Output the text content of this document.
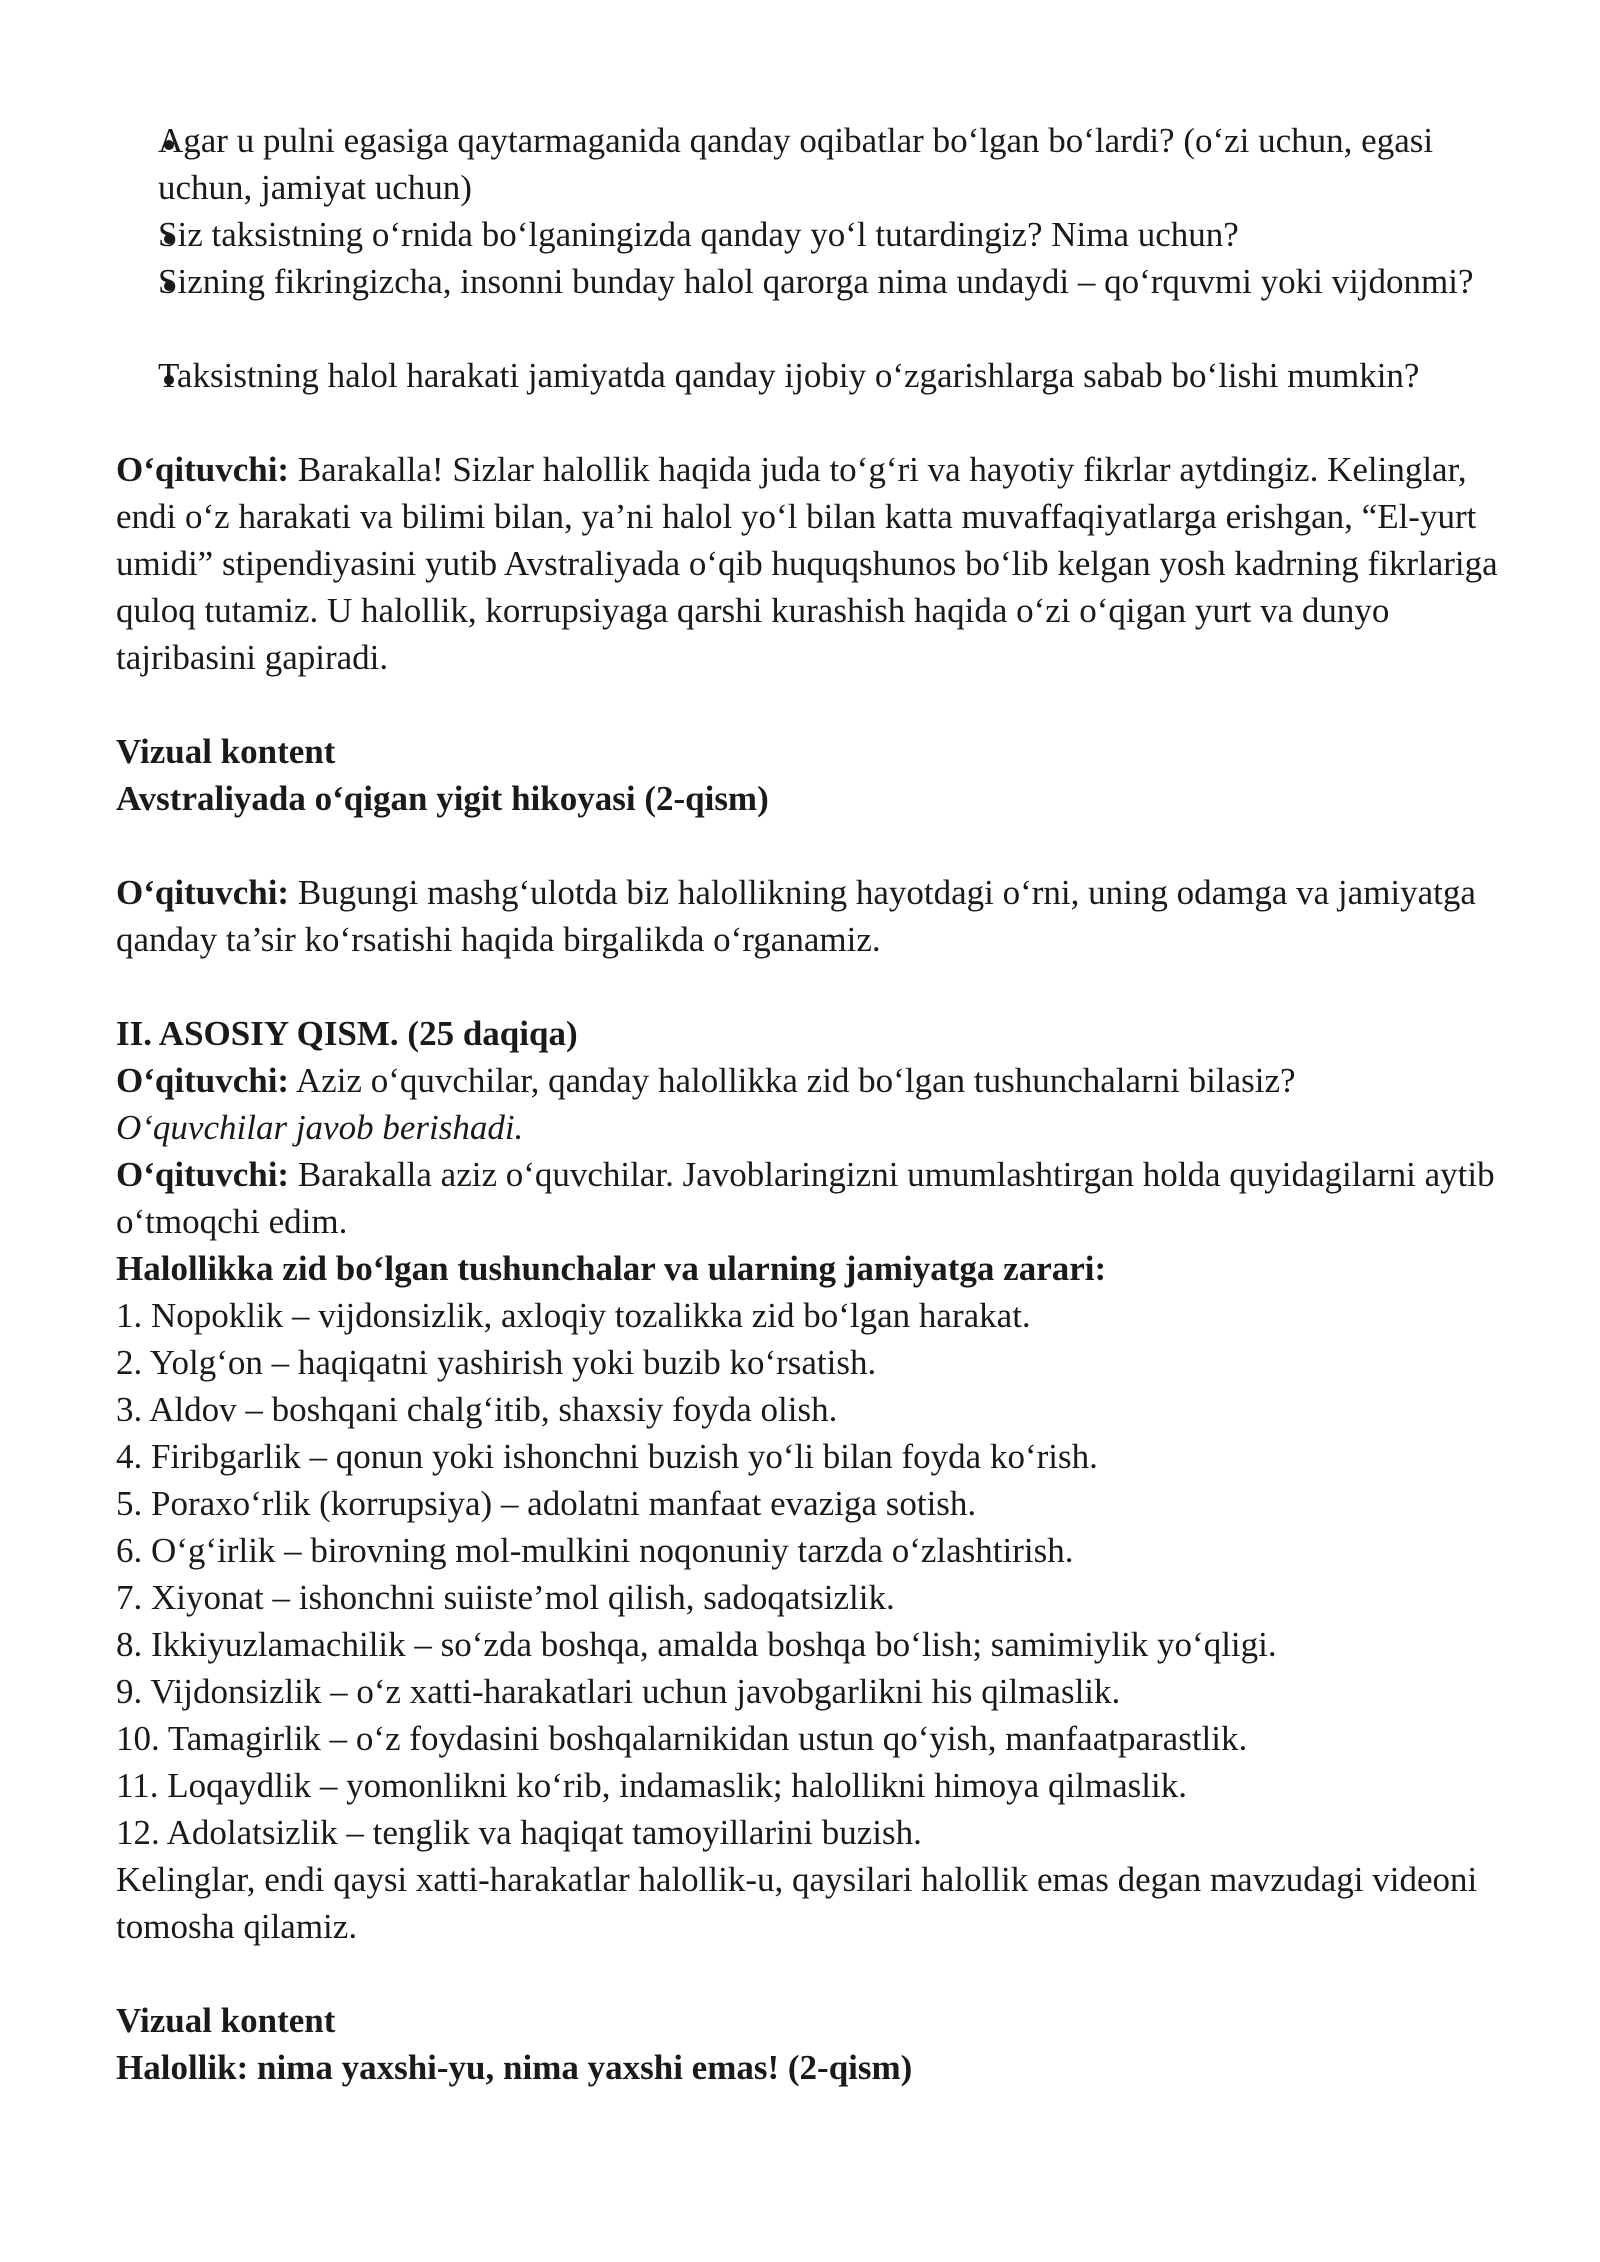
Agar u pulni egasiga qaytarmaganida qanday oqibatlar bo‘lgan bo‘lardi? (o‘zi uchun, egasi uchun, jamiyat uchun)
Siz taksistning o‘rnida bo‘lganingizda qanday yo‘l tutardingiz? Nima uchun?
Sizning fikringizcha, insonni bunday halol qarorga nima undaydi – qo‘rquvmi yoki vijdonmi?
Taksistning halol harakati jamiyatda qanday ijobiy o‘zgarishlarga sabab bo‘lishi mumkin?

O‘qituvchi: Barakalla! Sizlar halollik haqida juda to‘g‘ri va hayotiy fikrlar aytdingiz. Kelinglar, endi o‘z harakati va bilimi bilan, ya’ni halol yo‘l bilan katta muvaffaqiyatlarga erishgan, “El-yurt umidi” stipendiyasini yutib Avstraliyada o‘qib huquqshunos bo‘lib kelgan yosh kadrning fikrlariga quloq tutamiz. U halollik, korrupsiyaga qarshi kurashish haqida o‘zi o‘qigan yurt va dunyo tajribasini gapiradi.

Vizual kontent
Avstraliyada o‘qigan yigit hikoyasi (2-qism)

O‘qituvchi: Bugungi mashg‘ulotda biz halollikning hayotdagi o‘rni, uning odamga va jamiyatga qanday ta’sir ko‘rsatishi haqida birgalikda o‘rganamiz.

II. ASOSIY QISM. (25 daqiqa)

O‘qituvchi: Aziz o‘quvchilar, qanday halollikka zid bo‘lgan tushunchalarni bilasiz?

O‘quvchilar javob berishadi.

O‘qituvchi: Barakalla aziz o‘quvchilar. Javoblaringizni umumlashtirgan holda quyidagilarni aytib o‘tmoqchi edim.

Halollikka zid bo‘lgan tushunchalar va ularning jamiyatga zarari:
1. Nopoklik – vijdonsizlik, axloqiy tozalikka zid bo‘lgan harakat.
2. Yolg‘on – haqiqatni yashirish yoki buzib ko‘rsatish.
3. Aldov – boshqani chalg‘itib, shaxsiy foyda olish.
4. Firibgarlik – qonun yoki ishonchni buzish yo‘li bilan foyda ko‘rish.
5. Poraxo‘rlik (korrupsiya) – adolatni manfaat evaziga sotish.
6. O‘g‘irlik – birovning mol-mulkini noqonuniy tarzda o‘zlashtirish.
7. Xiyonat – ishonchni suiiste’mol qilish, sadoqatsizlik.
8. Ikkiyuzlamachilik – so‘zda boshqa, amalda boshqa bo‘lish; samimiylik yo‘qligi.
9. Vijdonsizlik – o‘z xatti-harakatlari uchun javobgarlikni his qilmaslik.
10. Tamagirlik – o‘z foydasini boshqalarnikidan ustun qo‘yish, manfaatparastlik.
11. Loqaydlik – yomonlikni ko‘rib, indamaslik; halollikni himoya qilmaslik.
12. Adolatsizlik – tenglik va haqiqat tamoyillarini buzish.

Kelinglar, endi qaysi xatti-harakatlar halollik-u, qaysilari halollik emas degan mavzudagi videoni tomosha qilamiz.

Vizual kontent
Halollik: nima yaxshi-yu, nima yaxshi emas! (2-qism)
